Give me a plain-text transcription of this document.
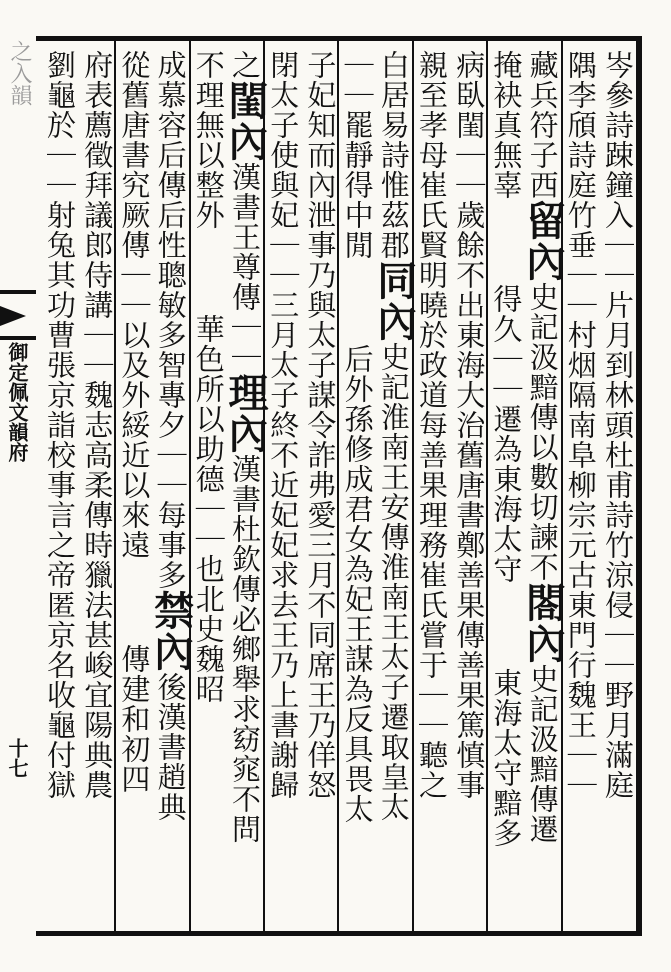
之入韻
御定佩文韻府
十七	岑參詩踈鐘入｜｜片月到林頭杜甫詩竹涼侵｜｜野月滿庭
隅李頎詩庭竹垂｜｜村烟隔南阜柳宗元古東門行魏王｜｜
藏兵符子西留內史記汲黯傳以數切諫不閤內史記汲黯傳遷
掩袂真無辜得久｜｜遷為東海太守東海太守黯多
病臥閨｜｜歲餘不出東海大治舊唐書鄭善果傳善果篤慎事
親至孝母崔氏賢明曉於政道每善果理務崔氏嘗于｜｜聽之
白居易詩惟茲郡同內史記淮南王安傳淮南王太子遷取皇太
｜｜罷靜得中閒后外孫修成君女為妃王謀為反具畏太
子妃知而內泄事乃與太子謀令詐弗愛三月不同席王乃佯怒
閉太子使與妃｜｜三月太子終不近妃妃求去王乃上書謝歸
之閨內漢書王尊傳｜｜理內漢書杜欽傳必鄉舉求窈窕不問
不理無以整外華色所以助德｜｜也北史魏昭
成慕容后傳后性聰敏多智專夕｜｜每事多禁內後漢書趙典
從舊唐書究厥傳｜｜以及外綏近以來遠傳建和初四
府表薦徵拜議郎侍講｜｜魏志高柔傳時獵法甚峻宜陽典農
劉龜於｜｜射兔其功曹張京詣校事言之帝匿京名收龜付獄
